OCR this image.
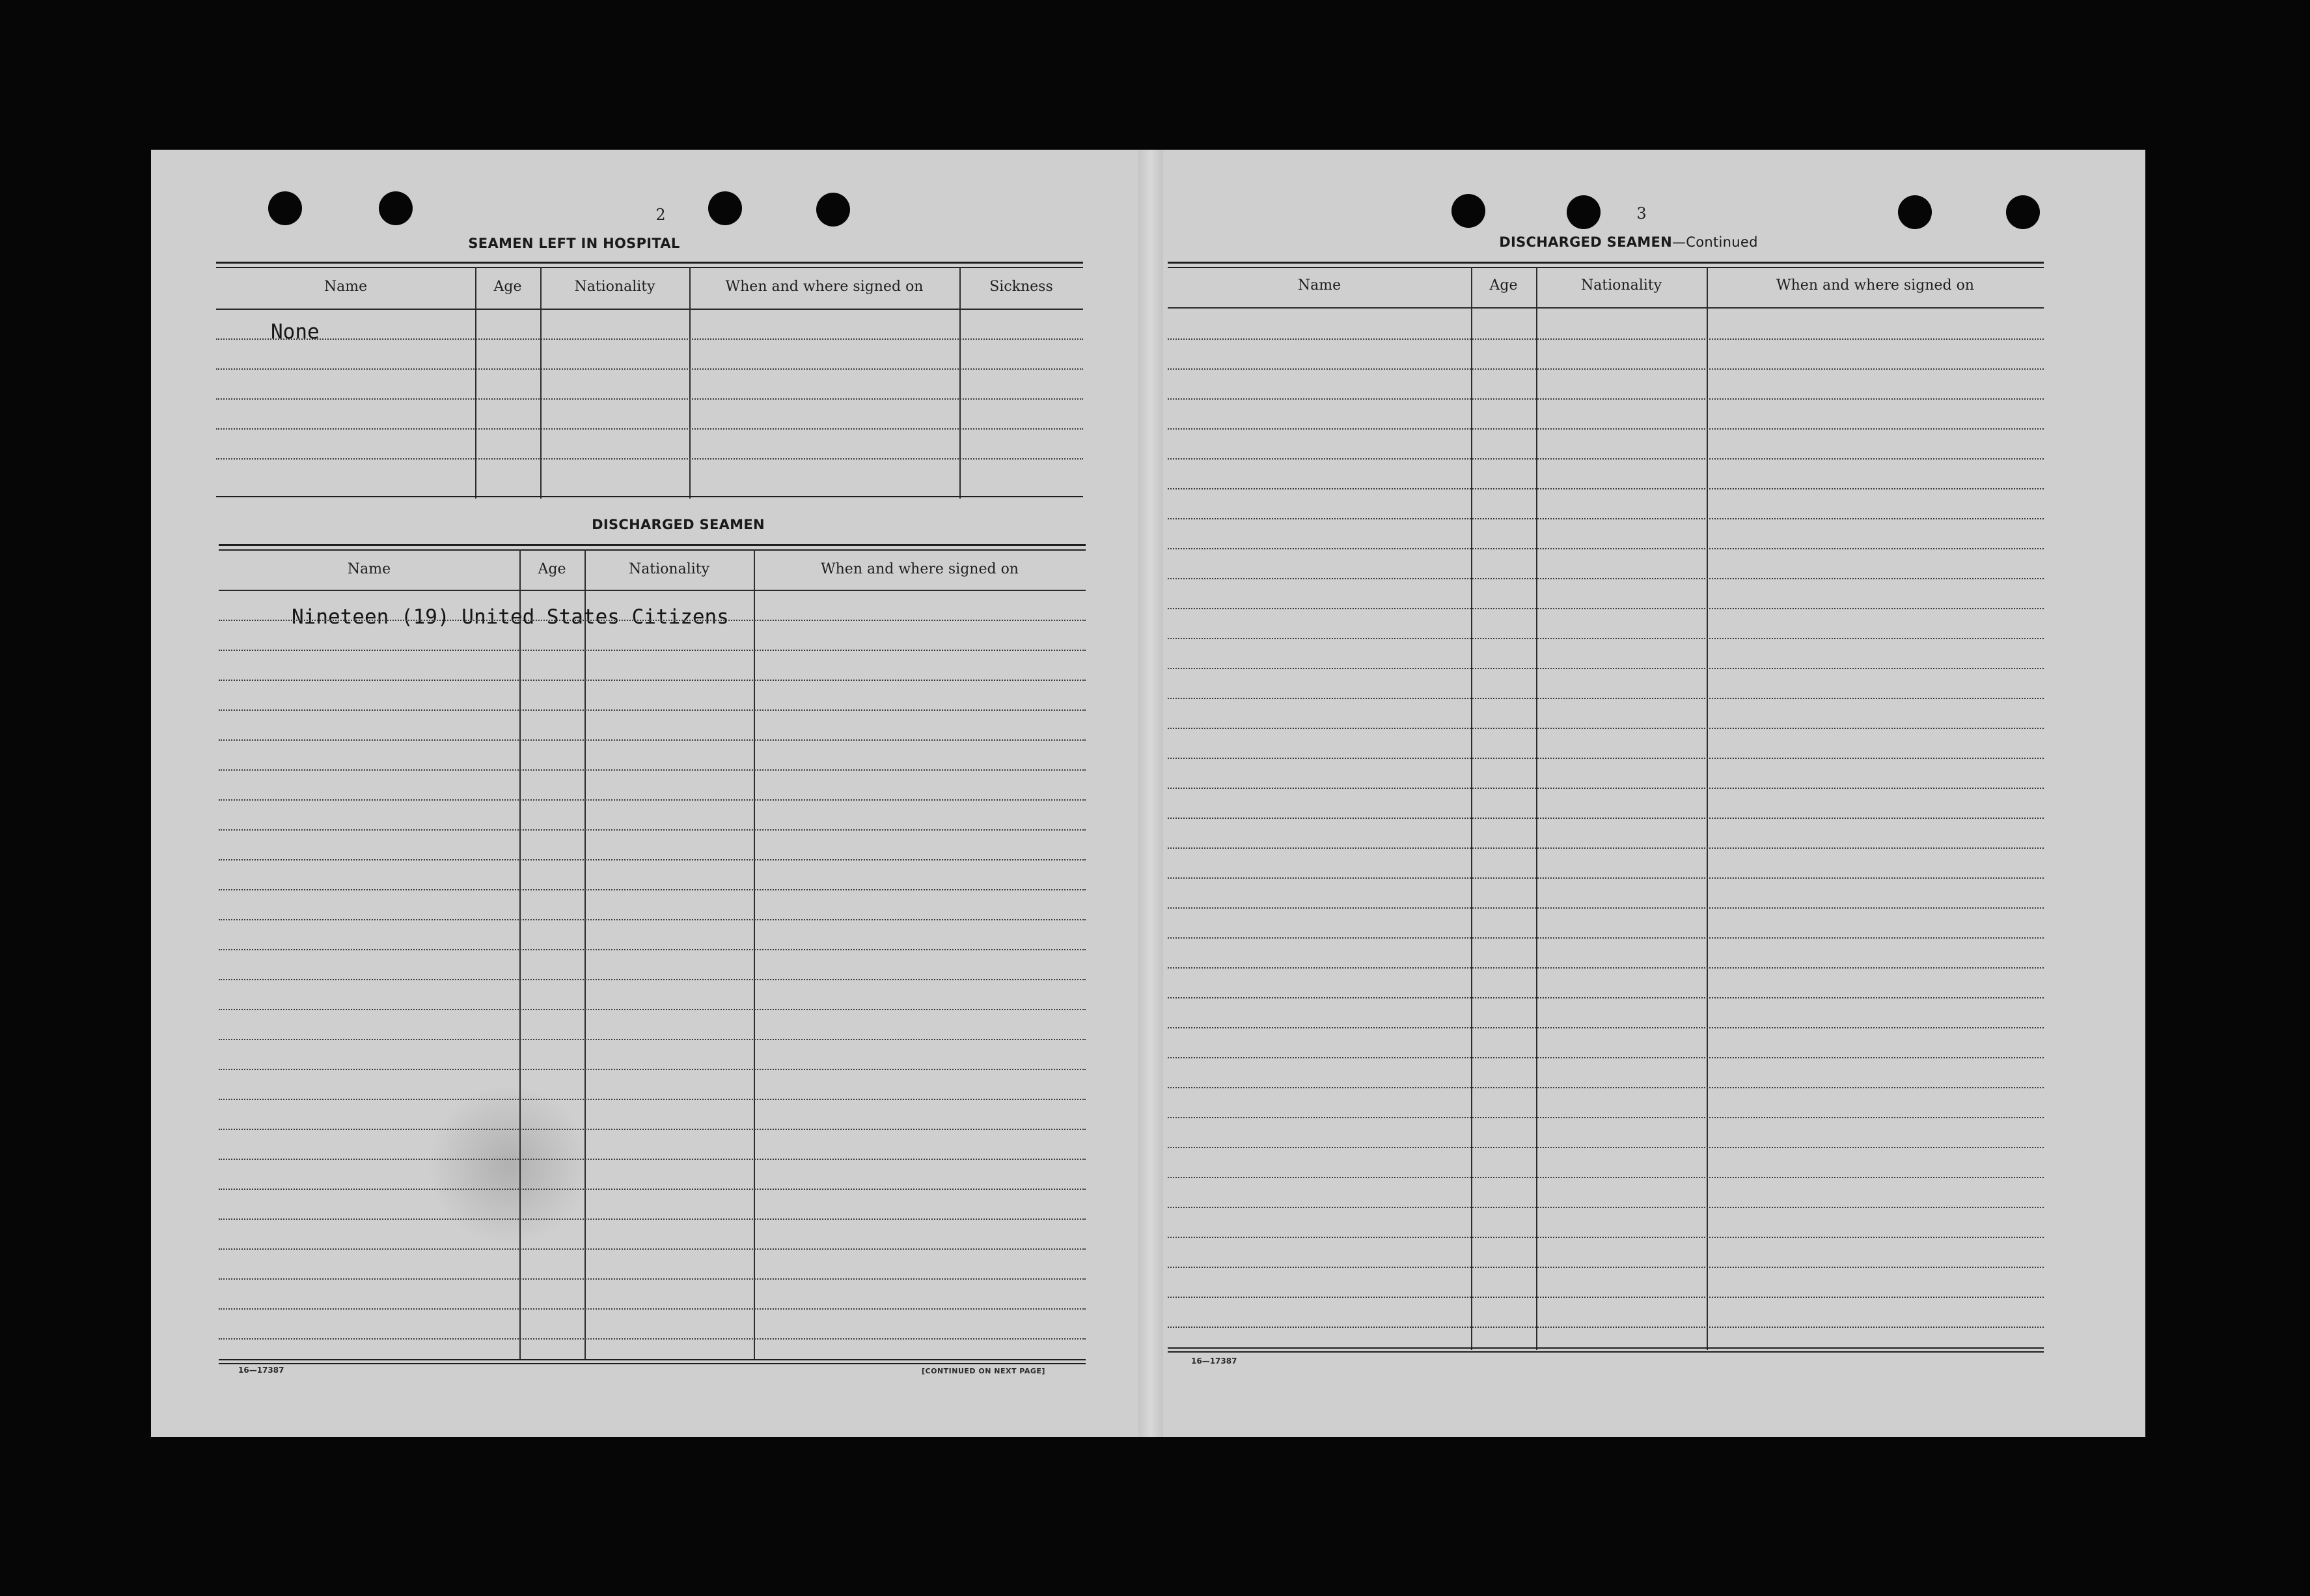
2
SEAMEN LEFT IN HOSPITAL
Name	Age	Nationality	When and where signed on	Sickness
None
DISCHARGED SEAMEN
Name	Age	Nationality	When and where signed on
Nineteen (19) United States Citizens
16—17387	[CONTINUED ON NEXT PAGE]
3
DISCHARGED SEAMEN—Continued
Name	Age	Nationality	When and where signed on
16—17387
